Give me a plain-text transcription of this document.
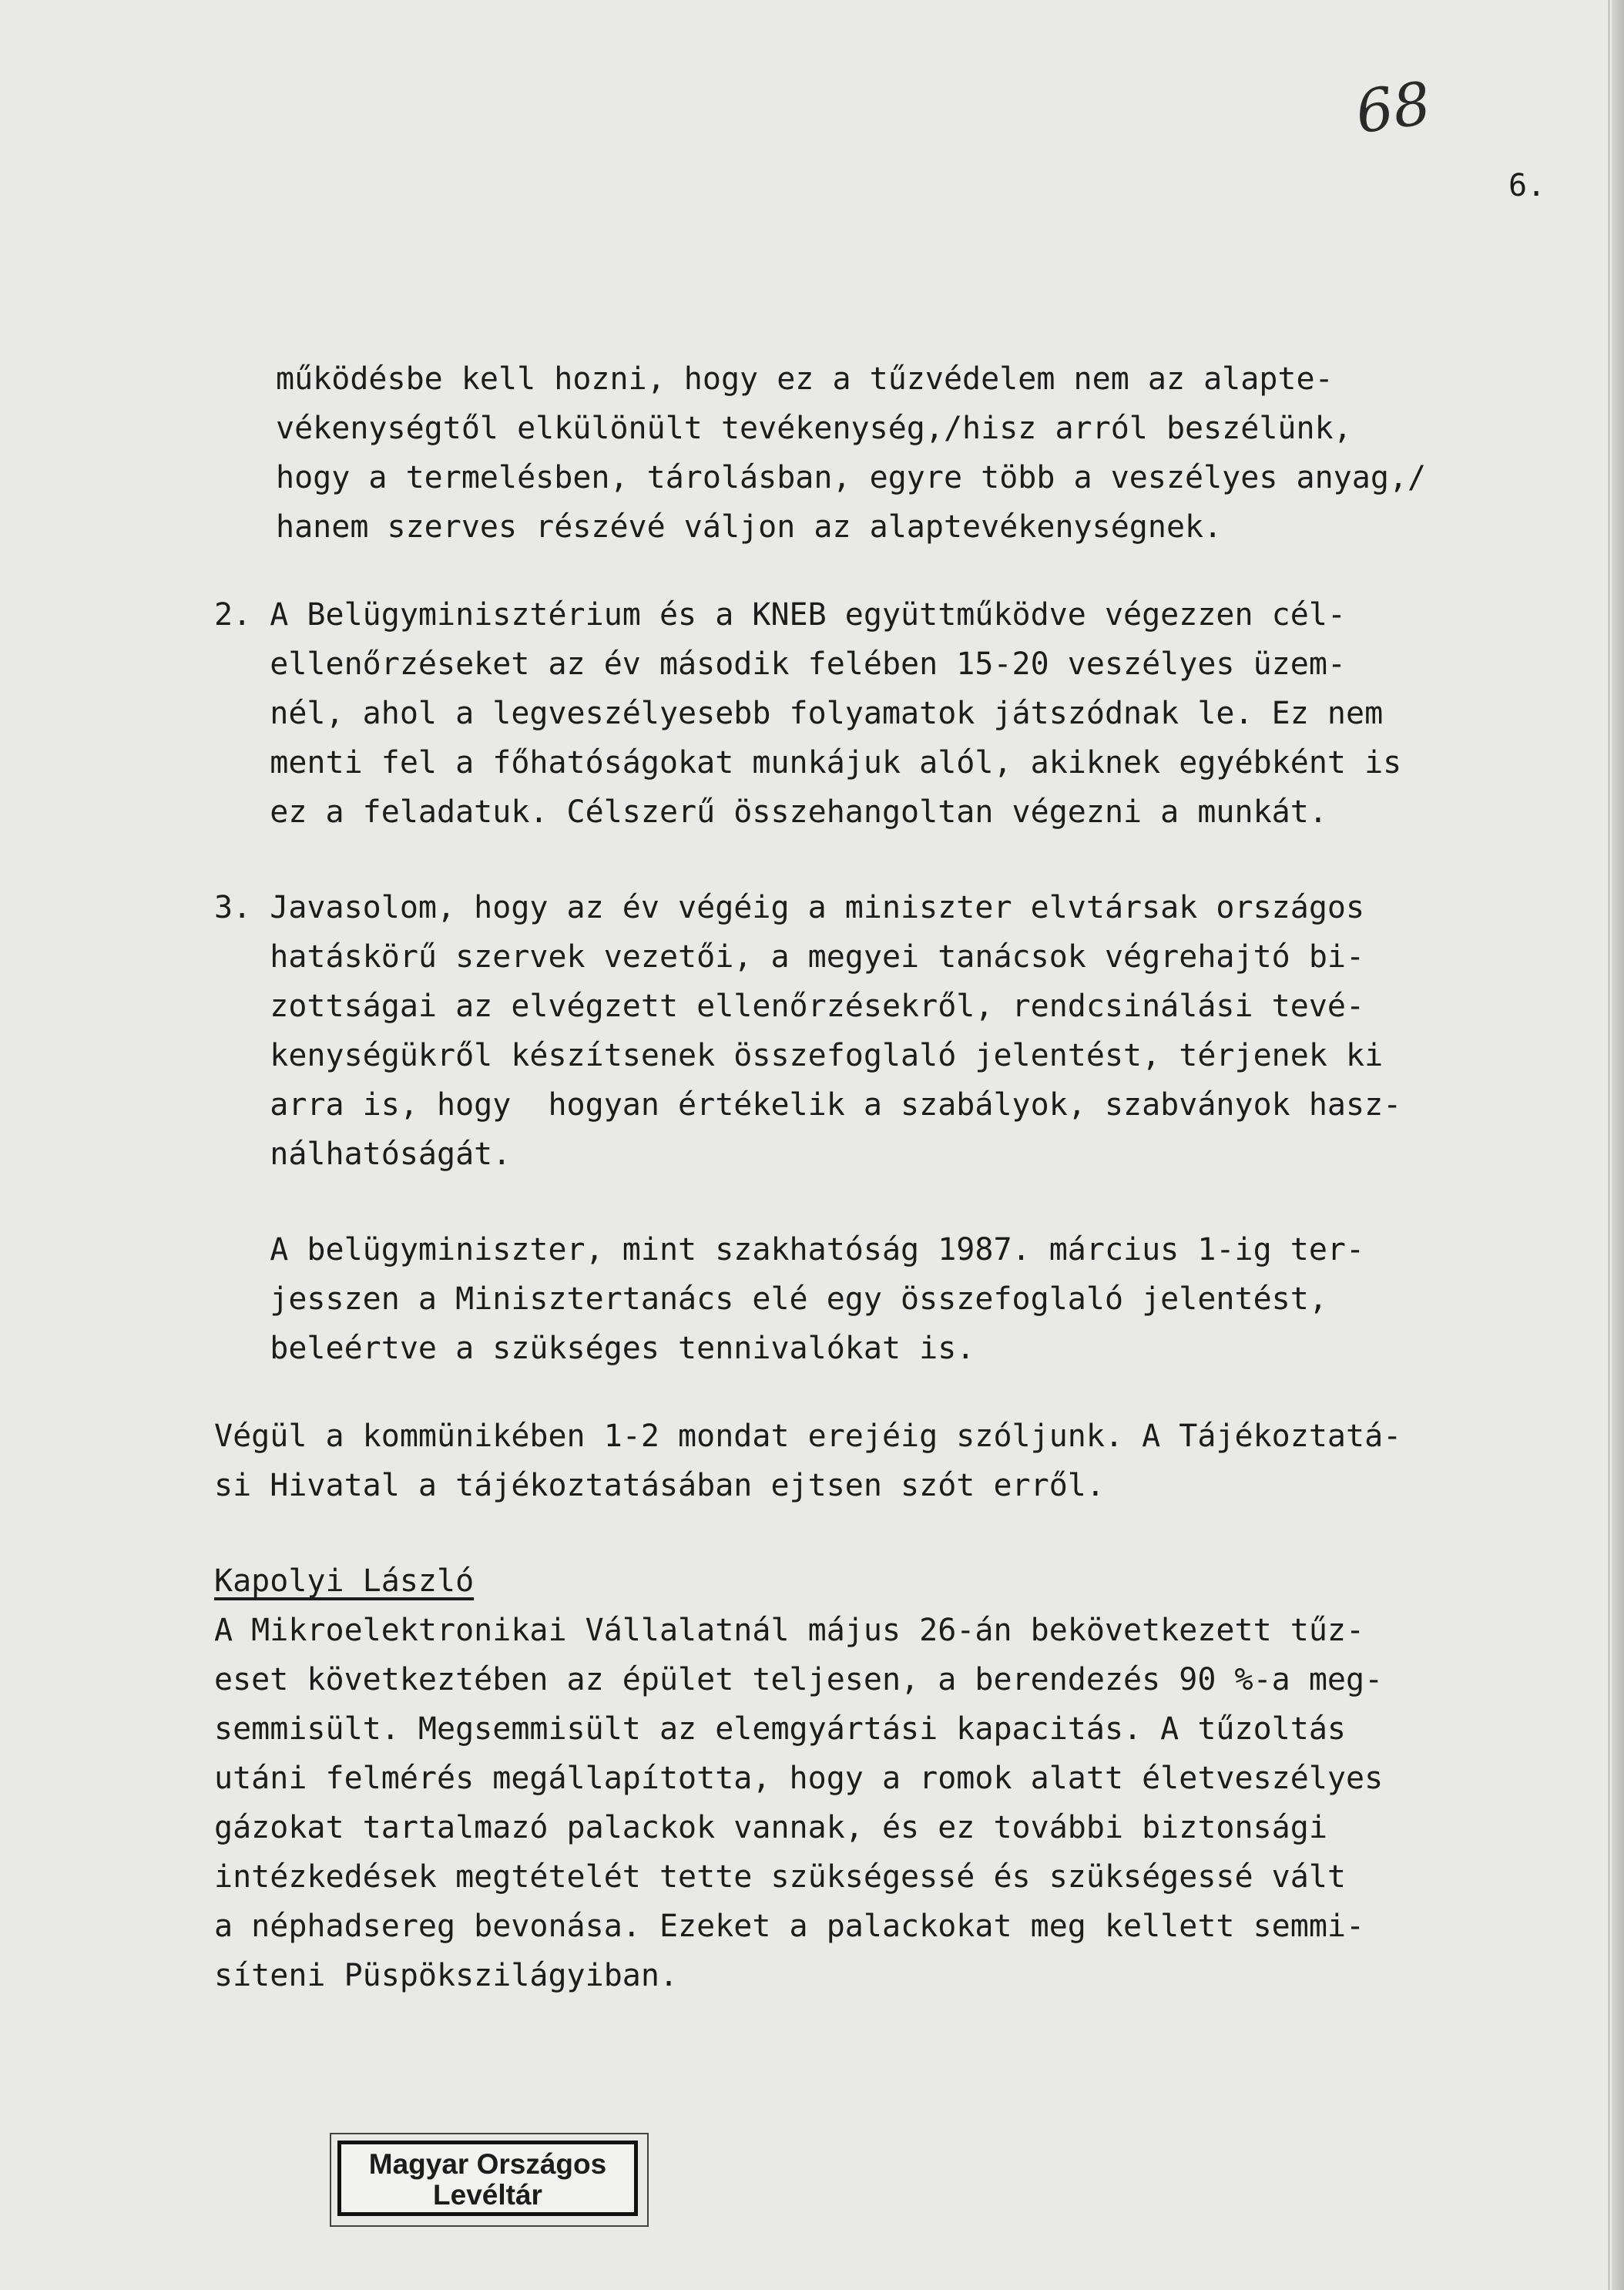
68
6.
működésbe kell hozni, hogy ez a tűzvédelem nem az alapte-
vékenységtől elkülönült tevékenység,/hisz arról beszélünk,
hogy a termelésben, tárolásban, egyre több a veszélyes anyag,/
hanem szerves részévé váljon az alaptevékenységnek.
2. A Belügyminisztérium és a KNEB együttműködve végezzen cél-
ellenőrzéseket az év második felében 15-20 veszélyes üzem-
nél, ahol a legveszélyesebb folyamatok játszódnak le. Ez nem
menti fel a főhatóságokat munkájuk alól, akiknek egyébként is
ez a feladatuk. Célszerű összehangoltan végezni a munkát.
3. Javasolom, hogy az év végéig a miniszter elvtársak országos
hatáskörű szervek vezetői, a megyei tanácsok végrehajtó bi-
zottságai az elvégzett ellenőrzésekről, rendcsinálási tevé-
kenységükről készítsenek összefoglaló jelentést, térjenek ki
arra is, hogy  hogyan értékelik a szabályok, szabványok hasz-
nálhatóságát.
A belügyminiszter, mint szakhatóság 1987. március 1-ig ter-
jesszen a Minisztertanács elé egy összefoglaló jelentést,
beleértve a szükséges tennivalókat is.
Végül a kommünikében 1-2 mondat erejéig szóljunk. A Tájékoztatá-
si Hivatal a tájékoztatásában ejtsen szót erről.
Kapolyi László
A Mikroelektronikai Vállalatnál május 26-án bekövetkezett tűz-
eset következtében az épület teljesen, a berendezés 90 %-a meg-
semmisült. Megsemmisült az elemgyártási kapacitás. A tűzoltás
utáni felmérés megállapította, hogy a romok alatt életveszélyes
gázokat tartalmazó palackok vannak, és ez további biztonsági
intézkedések megtételét tette szükségessé és szükségessé vált
a néphadsereg bevonása. Ezeket a palackokat meg kellett semmi-
síteni Püspökszilágyiban.
Magyar Országos
Levéltár
